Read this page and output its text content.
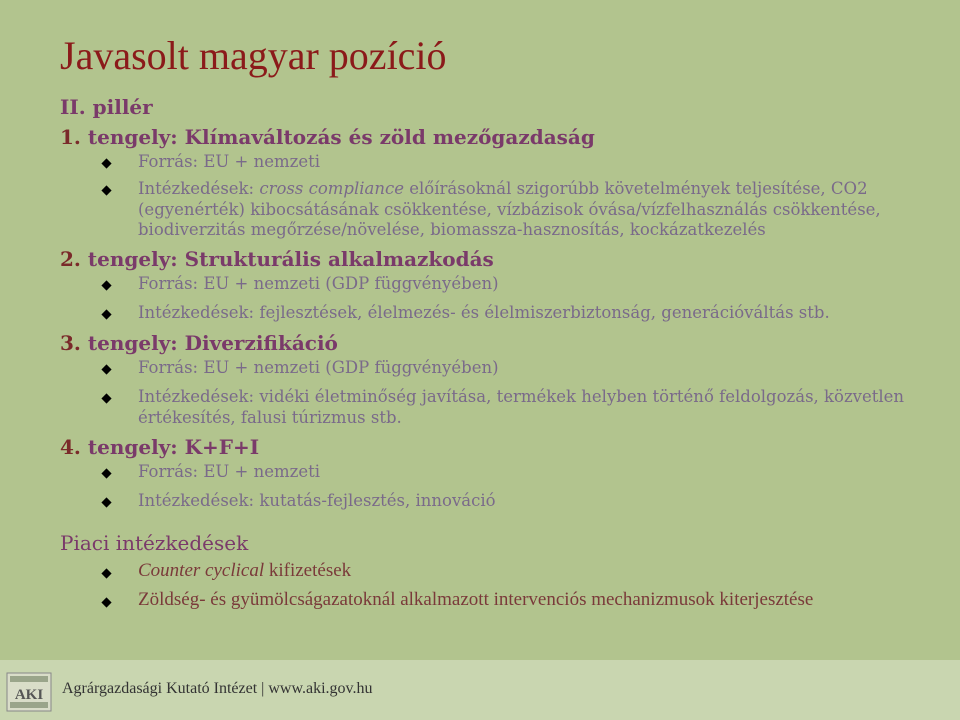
Javasolt magyar pozíció
II. pillér
1. tengely: Klímaváltozás és zöld mezőgazdaság
Forrás: EU + nemzeti
Intézkedések: cross compliance előírásoknál szigorúbb követelmények teljesítése, CO2 (egyenérték) kibocsátásának csökkentése, vízbázisok óvása/vízfelhasználás csökkentése, biodiverzitás megőrzése/növelése, biomassza-hasznosítás, kockázatkezelés
2. tengely: Strukturális alkalmazkodás
Forrás: EU + nemzeti (GDP függvényében)
Intézkedések: fejlesztések, élelmezés- és élelmiszerbiztonság, generációváltás stb.
3. tengely: Diverzifikáció
Forrás: EU + nemzeti (GDP függvényében)
Intézkedések: vidéki életminőség javítása, termékek helyben történő feldolgozás, közvetlen értékesítés, falusi túrizmus stb.
4. tengely: K+F+I
Forrás: EU + nemzeti
Intézkedések: kutatás-fejlesztés, innováció
Piaci intézkedések
Counter cyclical kifizetések
Zöldség- és gyümölcságazatoknál alkalmazott intervenciós mechanizmusok kiterjesztése
AKI Agrárgazdasági Kutató Intézet | www.aki.gov.hu
